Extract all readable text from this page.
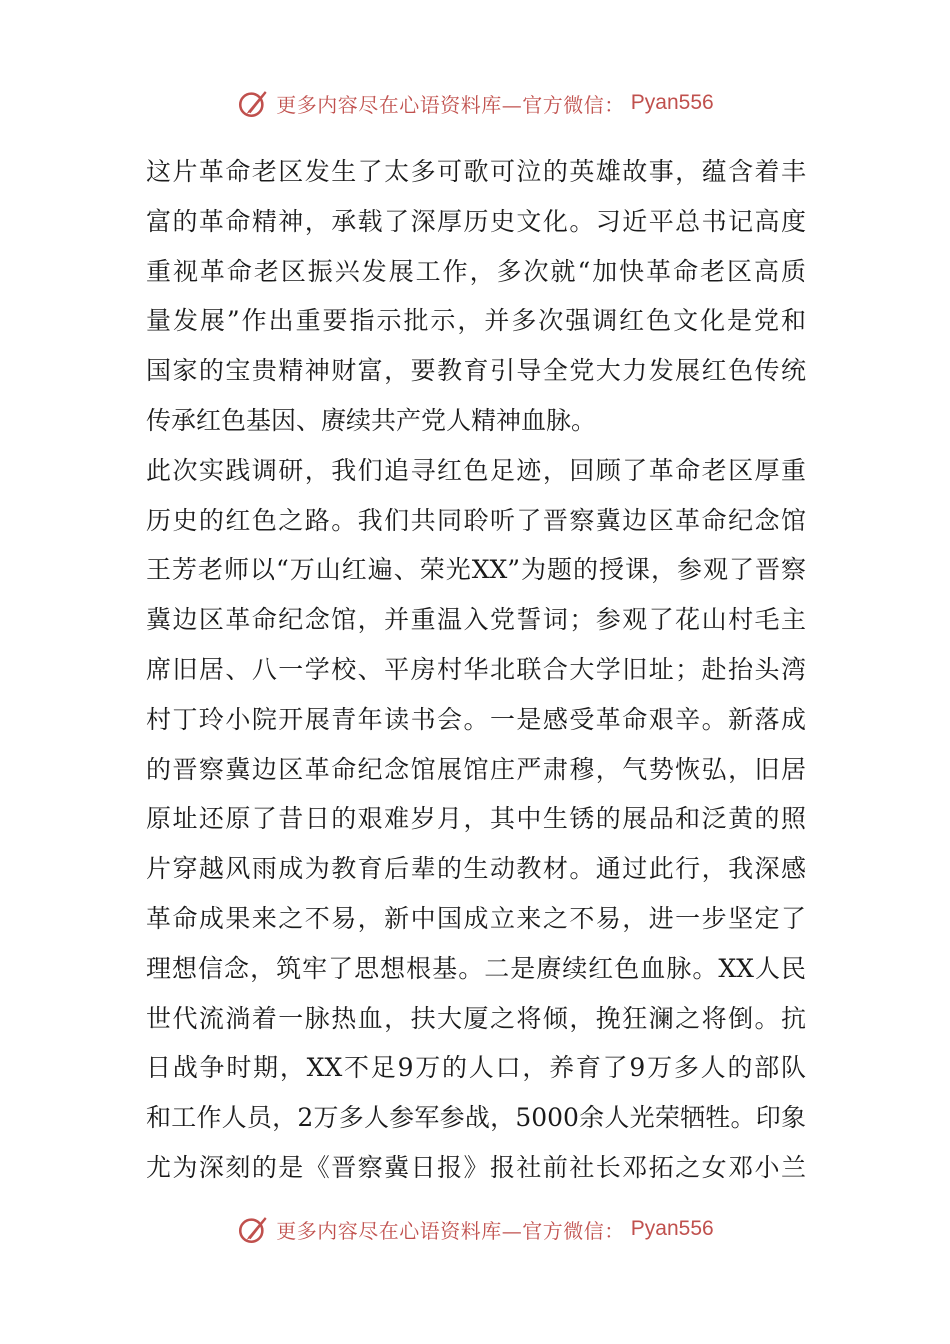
更多内容尽在心语资料库—官方微信： Pyan556
这片革命老区发生了太多可歌可泣的英雄故事，蕴含着丰
富的革命精神，承载了深厚历史文化。习近平总书记高度
重视革命老区振兴发展工作，多次就“加快革命老区高质
量发展”作出重要指示批示，并多次强调红色文化是党和
国家的宝贵精神财富，要教育引导全党大力发展红色传统
传承红色基因、赓续共产党人精神血脉。
此次实践调研，我们追寻红色足迹，回顾了革命老区厚重
历史的红色之路。我们共同聆听了晋察冀边区革命纪念馆
王芳老师以“万山红遍、荣光XX”为题的授课，参观了晋察
冀边区革命纪念馆，并重温入党誓词；参观了花山村毛主
席旧居、八一学校、平房村华北联合大学旧址；赴抬头湾
村丁玲小院开展青年读书会。一是感受革命艰辛。新落成
的晋察冀边区革命纪念馆展馆庄严肃穆，气势恢弘，旧居
原址还原了昔日的艰难岁月，其中生锈的展品和泛黄的照
片穿越风雨成为教育后辈的生动教材。通过此行，我深感
革命成果来之不易，新中国成立来之不易，进一步坚定了
理想信念，筑牢了思想根基。二是赓续红色血脉。XX人民
世代流淌着一脉热血，扶大厦之将倾，挽狂澜之将倒。抗
日战争时期，XX不足9万的人口，养育了9万多人的部队
和工作人员，2万多人参军参战，5000余人光荣牺牲。印象
尤为深刻的是《晋察冀日报》报社前社长邓拓之女邓小兰
更多内容尽在心语资料库—官方微信： Pyan556
